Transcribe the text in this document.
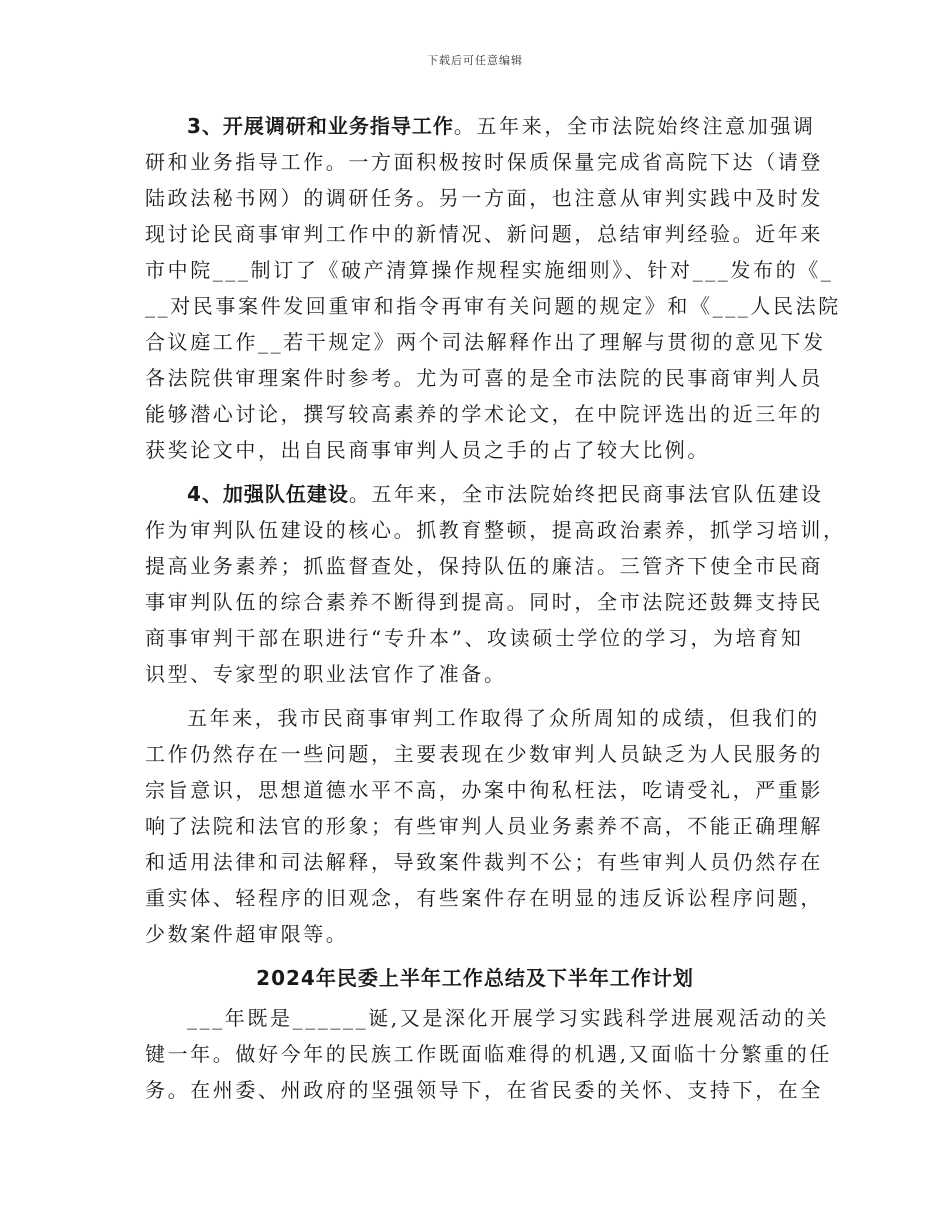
下载后可任意编辑
3、开展调研和业务指导工作。五年来，全市法院始终注意加强调
研和业务指导工作。一方面积极按时保质保量完成省高院下达（请登
陆政法秘书网）的调研任务。另一方面，也注意从审判实践中及时发
现讨论民商事审判工作中的新情况、新问题，总结审判经验。近年来
市中院___制订了《破产清算操作规程实施细则》、针对___发布的《_
__对民事案件发回重审和指令再审有关问题的规定》和《___人民法院
合议庭工作__若干规定》两个司法解释作出了理解与贯彻的意见下发
各法院供审理案件时参考。尤为可喜的是全市法院的民事商审判人员
能够潜心讨论，撰写较高素养的学术论文，在中院评选出的近三年的
获奖论文中，出自民商事审判人员之手的占了较大比例。
4、加强队伍建设。五年来，全市法院始终把民商事法官队伍建设
作为审判队伍建设的核心。抓教育整顿，提高政治素养，抓学习培训，
提高业务素养；抓监督查处，保持队伍的廉洁。三管齐下使全市民商
事审判队伍的综合素养不断得到提高。同时，全市法院还鼓舞支持民
商事审判干部在职进行“专升本”、攻读硕士学位的学习，为培育知
识型、专家型的职业法官作了准备。
五年来，我市民商事审判工作取得了众所周知的成绩，但我们的
工作仍然存在一些问题，主要表现在少数审判人员缺乏为人民服务的
宗旨意识，思想道德水平不高，办案中徇私枉法，吃请受礼，严重影
响了法院和法官的形象；有些审判人员业务素养不高，不能正确理解
和适用法律和司法解释，导致案件裁判不公；有些审判人员仍然存在
重实体、轻程序的旧观念，有些案件存在明显的违反诉讼程序问题，
少数案件超审限等。
2024年民委上半年工作总结及下半年工作计划
___年既是______诞,又是深化开展学习实践科学进展观活动的关
键一年。做好今年的民族工作既面临难得的机遇,又面临十分繁重的任
务。在州委、州政府的坚强领导下，在省民委的关怀、支持下，在全
